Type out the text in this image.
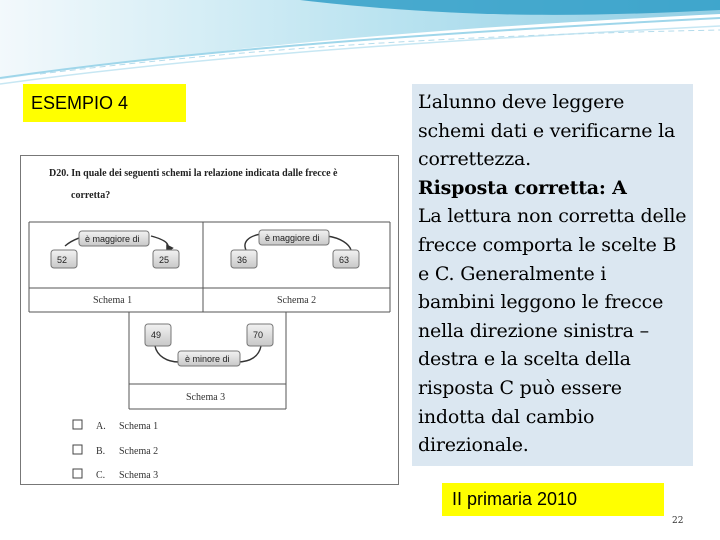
ESEMPIO 4	L’alunno deve leggere schemi dati e verificarne la correttezza.

Risposta corretta: A

La lettura non corretta delle frecce comporta le scelte B e C. Generalmente i bambini leggono le frecce nella direzione sinistra – destra e la scelta della risposta C può essere indotta dal cambio direzionale.

D20. In quale dei seguenti schemi la relazione indicata dalle frecce è
corretta?
è maggiore di
52	25
Schema 1
è maggiore di
36	63
Schema 2
è minore di
49	70
Schema 3
A. Schema 1
B. Schema 2
C. Schema 3
II primaria 2010
22
